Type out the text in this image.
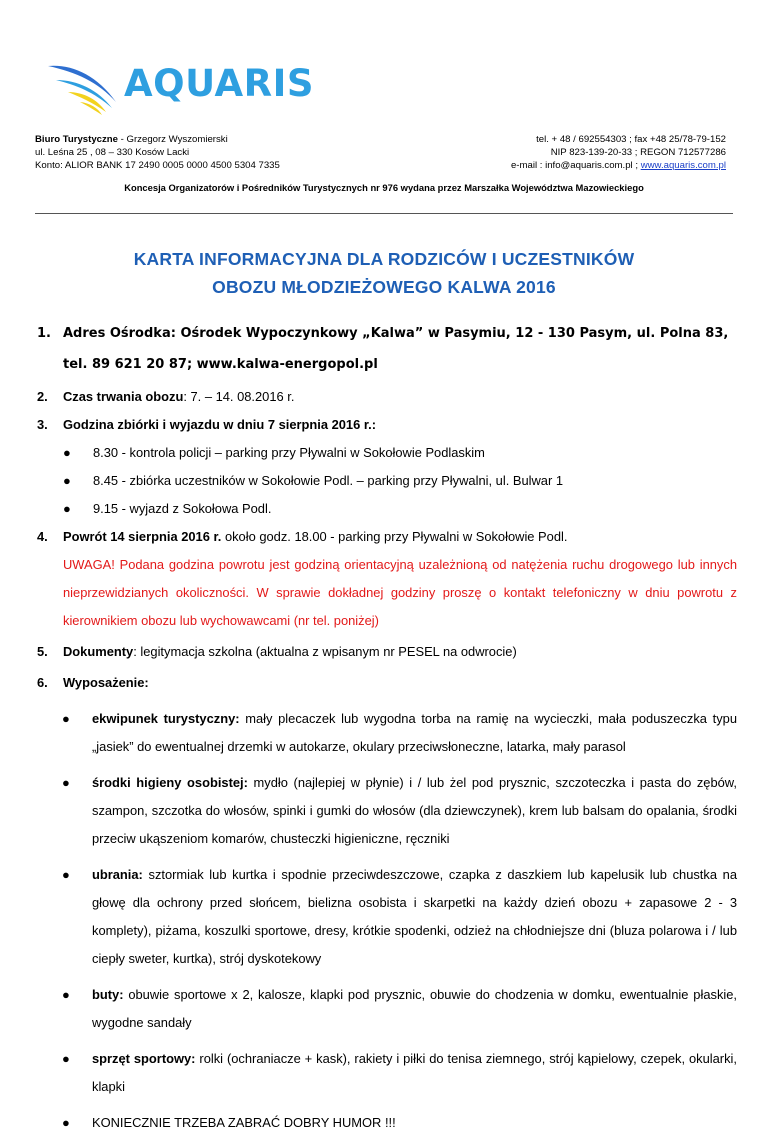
AQUARIS
Biuro Turystyczne - Grzegorz Wyszomierski
ul. Leśna 25 , 08 – 330 Kosów Lacki
Konto: ALIOR BANK 17 2490 0005 0000 4500 5304 7335
tel. + 48 / 692554303 ; fax +48 25/78-79-152
NIP 823-139-20-33 ; REGON 712577286
e-mail : info@aquaris.com.pl ; www.aquaris.com.pl
Koncesja Organizatorów i Pośredników Turystycznych nr 976 wydana przez Marszałka Województwa Mazowieckiego
KARTA INFORMACYJNA DLA RODZICÓW I UCZESTNIKÓW
OBOZU MŁODZIEŻOWEGO KALWA 2016
1. Adres Ośrodka: Ośrodek Wypoczynkowy „Kalwa” w Pasymiu, 12 - 130 Pasym, ul. Polna 83,
tel. 89 621 20 87; www.kalwa-energopol.pl
2. Czas trwania obozu: 7. – 14. 08.2016 r.
3. Godzina zbiórki i wyjazdu w dniu 7 sierpnia 2016 r.:
● 8.30 - kontrola policji – parking przy Pływalni w Sokołowie Podlaskim
● 8.45 - zbiórka uczestników w Sokołowie Podl. – parking przy Pływalni, ul. Bulwar 1
● 9.15 - wyjazd z Sokołowa Podl.
4. Powrót 14 sierpnia 2016 r. około godz. 18.00 - parking przy Pływalni w Sokołowie Podl.
UWAGA! Podana godzina powrotu jest godziną orientacyjną uzależnioną od natężenia ruchu drogowego lub innych nieprzewidzianych okoliczności. W sprawie dokładnej godziny proszę o kontakt telefoniczny w dniu powrotu z kierownikiem obozu lub wychowawcami (nr tel. poniżej)
5. Dokumenty: legitymacja szkolna (aktualna z wpisanym nr PESEL na odwrocie)
6. Wyposażenie:
● ekwipunek turystyczny: mały plecaczek lub wygodna torba na ramię na wycieczki, mała poduszeczka typu „jasiek” do ewentualnej drzemki w autokarze, okulary przeciwsłoneczne, latarka, mały parasol
● środki higieny osobistej: mydło (najlepiej w płynie) i / lub żel pod prysznic, szczoteczka i pasta do zębów, szampon, szczotka do włosów, spinki i gumki do włosów (dla dziewczynek), krem lub balsam do opalania, środki przeciw ukąszeniom komarów, chusteczki higieniczne, ręczniki
● ubrania: sztormiak lub kurtka i spodnie przeciwdeszczowe, czapka z daszkiem lub kapelusik lub chustka na głowę dla ochrony przed słońcem, bielizna osobista i skarpetki na każdy dzień obozu + zapasowe 2 - 3 komplety), piżama, koszulki sportowe, dresy, krótkie spodenki, odzież na chłodniejsze dni (bluza polarowa i / lub ciepły sweter, kurtka), strój dyskotekowy
● buty: obuwie sportowe x 2, kalosze, klapki pod prysznic, obuwie do chodzenia w domku, ewentualnie płaskie, wygodne sandały
● sprzęt sportowy: rolki (ochraniacze + kask), rakiety i piłki do tenisa ziemnego, strój kąpielowy, czepek, okularki, klapki
● KONIECZNIE TRZEBA ZABRAĆ DOBRY HUMOR !!!
